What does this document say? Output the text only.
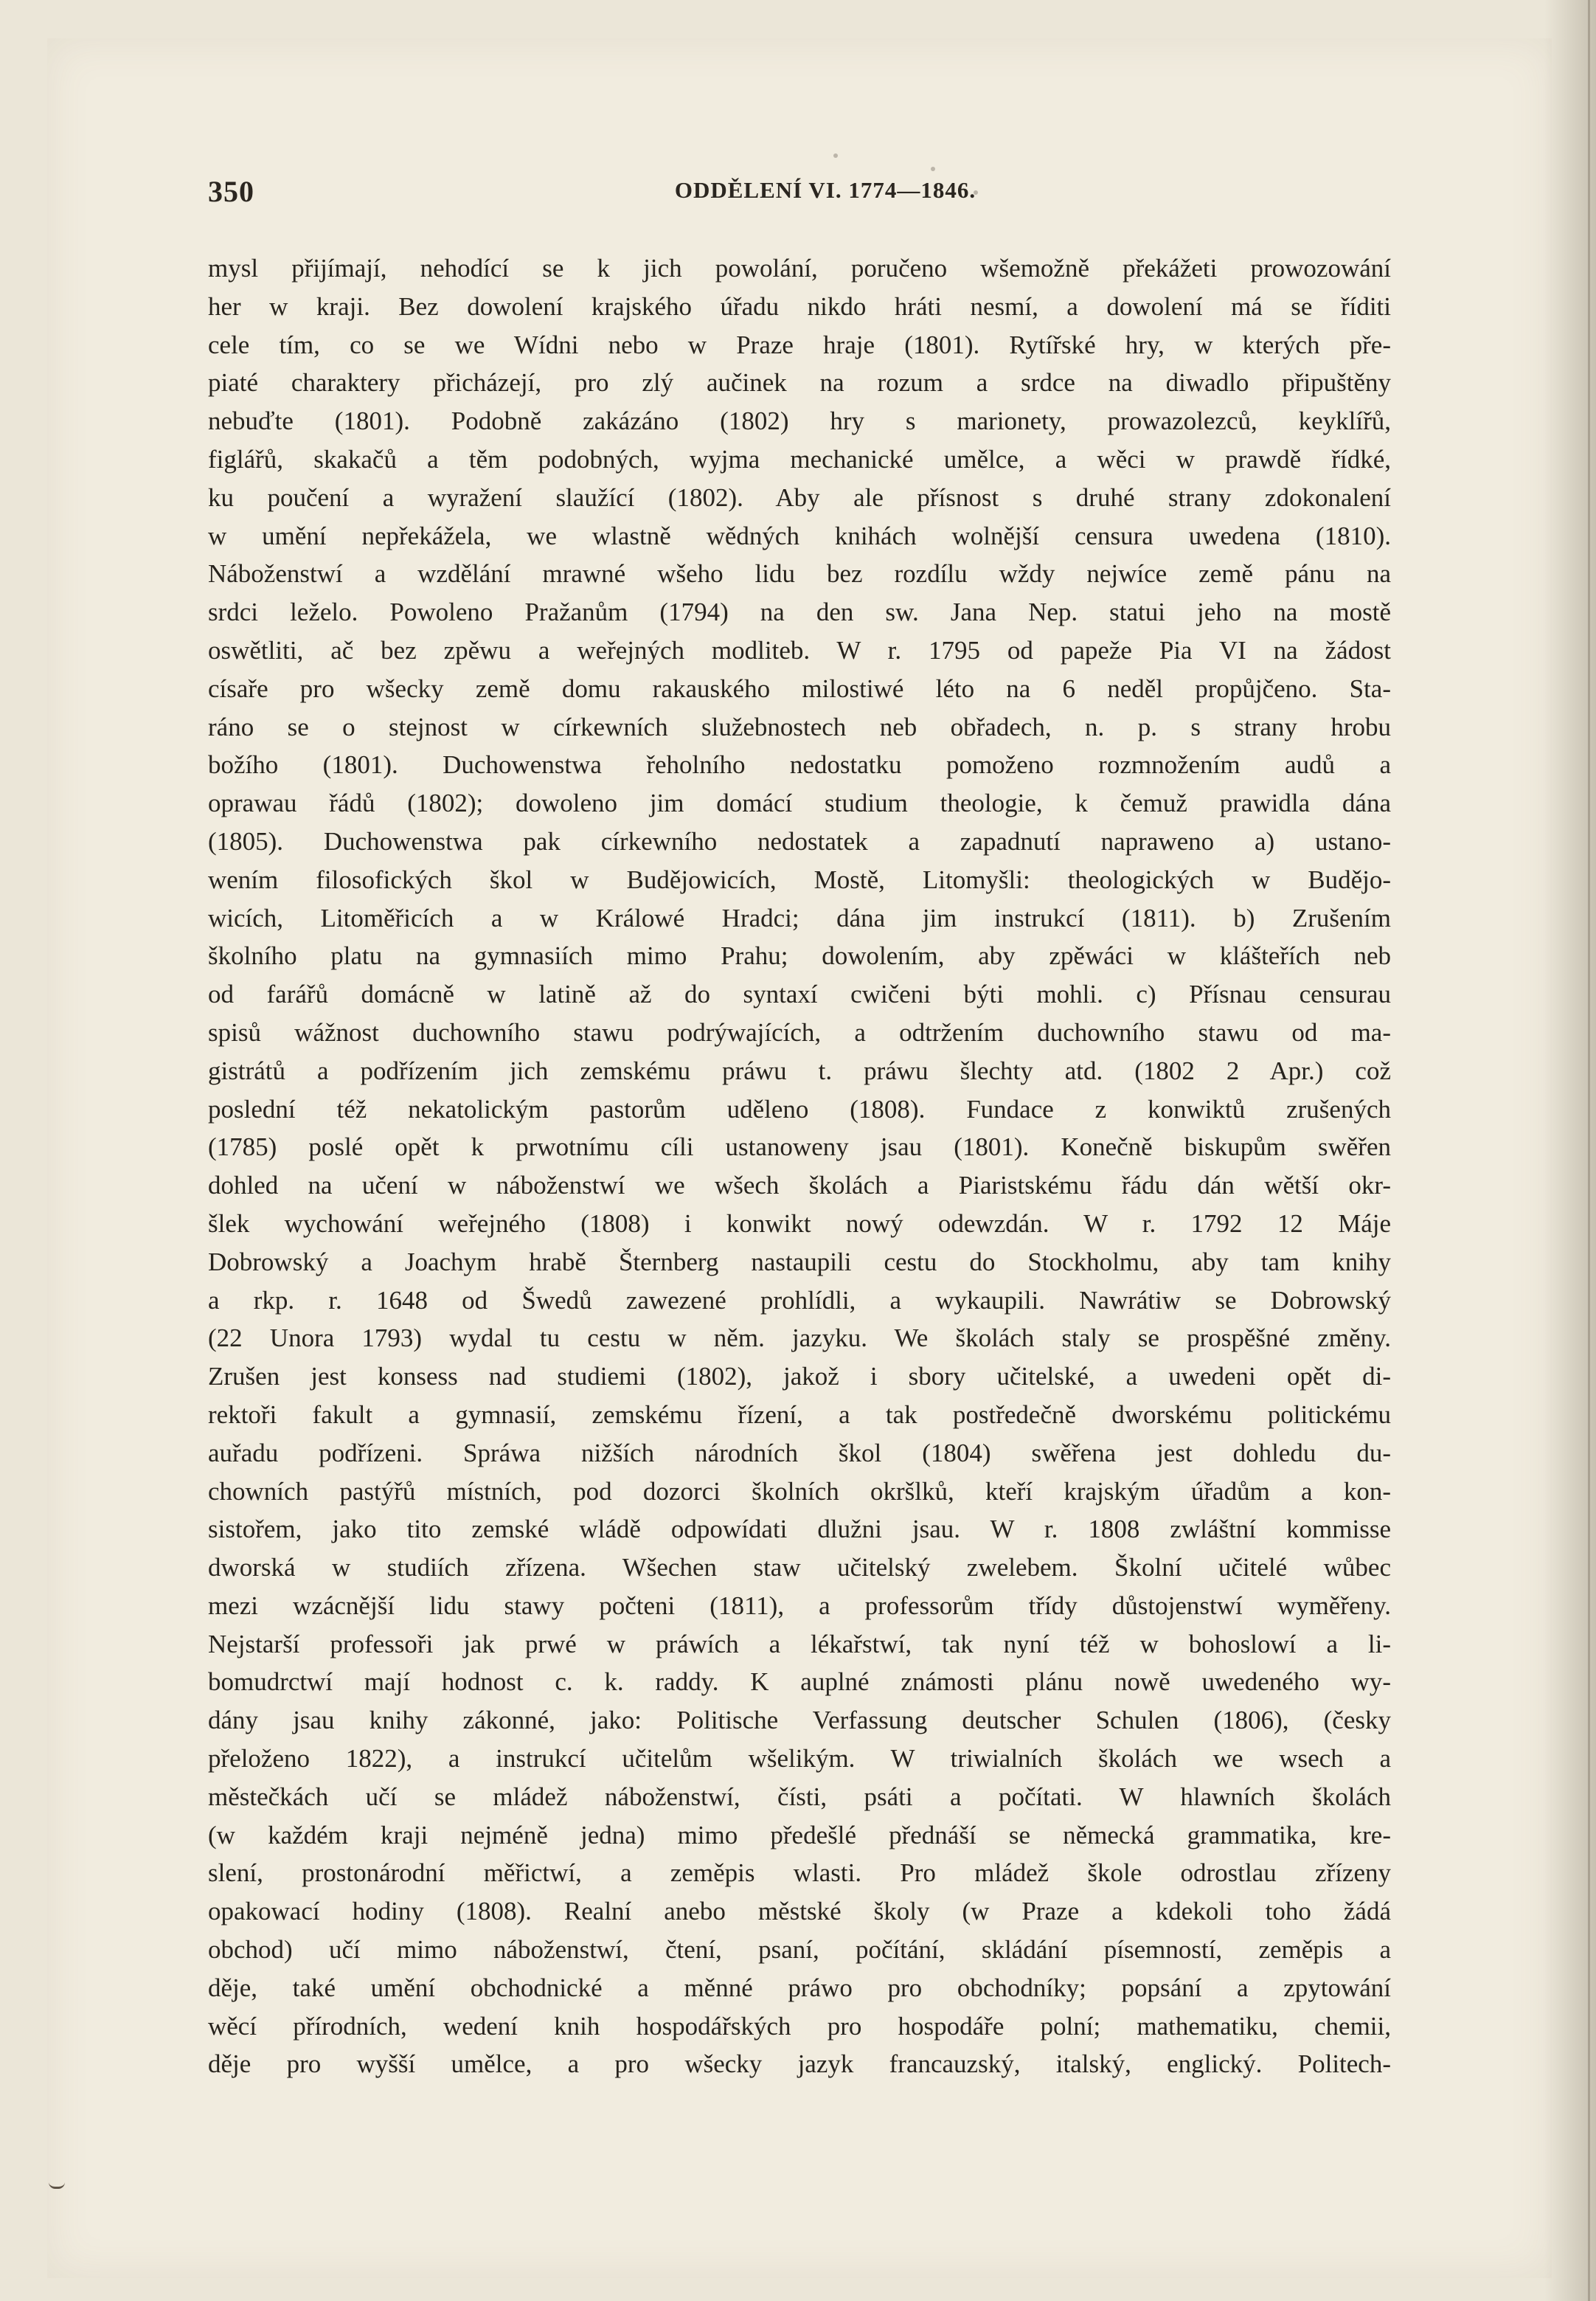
350	ODDĚLENÍ VI. 1774—1846.
mysl přijímají, nehodící se k jich powolání, poručeno wšemožně překážeti prowozowání
her w kraji. Bez dowolení krajského úřadu nikdo hráti nesmí, a dowolení má se říditi
cele tím, co se we Wídni nebo w Praze hraje (1801). Rytířské hry, w kterých pře-
piaté charaktery přicházejí, pro zlý aučinek na rozum a srdce na diwadlo připuštěny
nebuďte (1801). Podobně zakázáno (1802) hry s marionety, prowazolezců, keyklířů,
figlářů, skakačů a těm podobných, wyjma mechanické umělce, a wěci w prawdě řídké,
ku poučení a wyražení slaužící (1802). Aby ale přísnost s druhé strany zdokonalení
w umění nepřekážela, we wlastně wědných knihách wolnější censura uwedena (1810).
Náboženstwí a wzdělání mrawné wšeho lidu bez rozdílu wždy nejwíce země pánu na
srdci leželo. Powoleno Pražanům (1794) na den sw. Jana Nep. statui jeho na mostě
oswětliti, ač bez zpěwu a weřejných modliteb. W r. 1795 od papeže Pia VI na žádost
císaře pro wšecky země domu rakauského milostiwé léto na 6 neděl propůjčeno. Sta-
ráno se o stejnost w církewních služebnostech neb obřadech, n. p. s strany hrobu
božího (1801). Duchowenstwa řeholního nedostatku pomoženo rozmnožením audů a
oprawau řádů (1802); dowoleno jim domácí studium theologie, k čemuž prawidla dána
(1805). Duchowenstwa pak církewního nedostatek a zapadnutí napraweno a) ustano-
wením filosofických škol w Budějowicích, Mostě, Litomyšli: theologických w Budějo-
wicích, Litoměřicích a w Králowé Hradci; dána jim instrukcí (1811). b) Zrušením
školního platu na gymnasiích mimo Prahu; dowolením, aby zpěwáci w klášteřích neb
od farářů domácně w latině až do syntaxí cwičeni býti mohli. c) Přísnau censurau
spisů wážnost duchowního stawu podrýwajících, a odtržením duchowního stawu od ma-
gistrátů a podřízením jich zemskému práwu t. práwu šlechty atd. (1802 2 Apr.) což
poslední též nekatolickým pastorům uděleno (1808). Fundace z konwiktů zrušených
(1785) poslé opět k prwotnímu cíli ustanoweny jsau (1801). Konečně biskupům swěřen
dohled na učení w náboženstwí we wšech školách a Piaristskému řádu dán wětší okr-
šlek wychowání weřejného (1808) i konwikt nowý odewzdán. W r. 1792 12 Máje
Dobrowský a Joachym hrabě Šternberg nastaupili cestu do Stockholmu, aby tam knihy
a rkp. r. 1648 od Šwedů zawezené prohlídli, a wykaupili. Nawrátiw se Dobrowský
(22 Unora 1793) wydal tu cestu w něm. jazyku. We školách staly se prospěšné změny.
Zrušen jest konsess nad studiemi (1802), jakož i sbory učitelské, a uwedeni opět di-
rektoři fakult a gymnasií, zemskému řízení, a tak postředečně dworskému politickému
auřadu podřízeni. Spráwa nižších národních škol (1804) swěřena jest dohledu du-
chowních pastýřů místních, pod dozorci školních okršlků, kteří krajským úřadům a kon-
sistořem, jako tito zemské wládě odpowídati dlužni jsau. W r. 1808 zwláštní kommisse
dworská w studiích zřízena. Wšechen staw učitelský zwelebem. Školní učitelé wůbec
mezi wzácnější lidu stawy počteni (1811), a professorům třídy důstojenstwí wyměřeny.
Nejstarší professoři jak prwé w práwích a lékařstwí, tak nyní též w bohoslowí a li-
bomudrctwí mají hodnost c. k. raddy. K auplné známosti plánu nowě uwedeného wy-
dány jsau knihy zákonné, jako: Politische Verfassung deutscher Schulen (1806), (česky
přeloženo 1822), a instrukcí učitelům wšelikým. W triwialních školách we wsech a
městečkách učí se mládež náboženstwí, čísti, psáti a počítati. W hlawních školách
(w každém kraji nejméně jedna) mimo předešlé přednáší se německá grammatika, kre-
slení, prostonárodní měřictwí, a zeměpis wlasti. Pro mládež škole odrostlau zřízeny
opakowací hodiny (1808). Realní anebo městské školy (w Praze a kdekoli toho žádá
obchod) učí mimo náboženstwí, čtení, psaní, počítání, skládání písemností, zeměpis a
děje, také umění obchodnické a měnné práwo pro obchodníky; popsání a zpytowání
wěcí přírodních, wedení knih hospodářských pro hospodáře polní; mathematiku, chemii,
děje pro wyšší umělce, a pro wšecky jazyk francauzský, italský, englický. Politech-
